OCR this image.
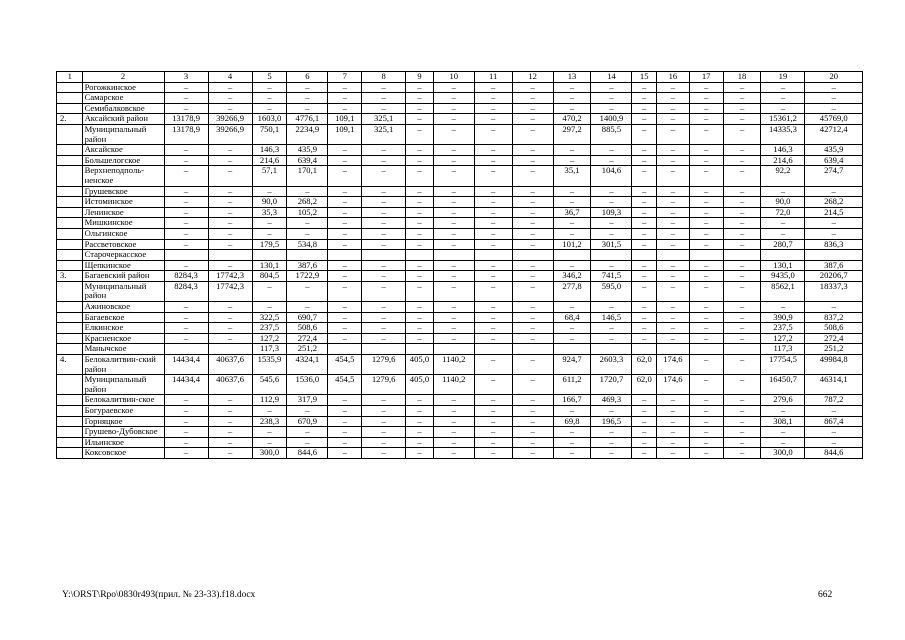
1	2	3	4	5	6	7	8	9	10	11	12	13	14	15	16	17	18	19	20
	Рогожкинское	–	–	–	–	–	–	–	–	–	–	–	–	–	–	–	–	–	–
	Самарское	–	–	–	–	–	–	–	–	–	–	–	–	–	–	–	–	–	–
	Семибалковское	–	–	–	–	–	–	–	–	–	–	–	–	–	–	–	–	–	–
2.	Аксайский район	13178,9	39266,9	1603,0	4776,1	109,1	325,1	–	–	–	–	470,2	1400,9	–	–	–	–	15361,2	45769,0
	Муниципальный район	13178,9	39266,9	750,1	2234,9	109,1	325,1	–	–	–	–	297,2	885,5	–	–	–	–	14335,3	42712,4
	Аксайское	–	–	146,3	435,9	–	–	–	–	–	–	–	–	–	–	–	–	146,3	435,9
	Большелогское	–	–	214,6	639,4	–	–	–	–	–	–	–	–	–	–	–	–	214,6	639,4
	Верхнеподполь-ненское	–	–	57,1	170,1	–	–	–	–	–	–	35,1	104,6	–	–	–	–	92,2	274,7
	Грушевское	–	–	–	–	–	–	–	–	–	–	–	–	–	–	–	–	–	–
	Истоминское	–	–	90,0	268,2	–	–	–	–	–	–	–	–	–	–	–	–	90,0	268,2
	Ленинское	–	–	35,3	105,2	–	–	–	–	–	–	36,7	109,3	–	–	–	–	72,0	214,5
	Мишкинское	–	–	–	–	–	–	–	–	–	–	–	–	–	–	–	–	–	–
	Ольгинское	–	–	–	–	–	–	–	–	–	–	–	–	–	–	–	–	–	–
	Рассветовское	–	–	179,5	534,8	–	–	–	–	–	–	101,2	301,5	–	–	–	–	280,7	836,3
	Старочеркасское																		
	Щепкинское	–	–	130,1	387,6	–	–	–	–	–	–	–	–	–	–	–	–	130,1	387,6
3.	Багаевский район	8284,3	17742,3	804,5	1722,9	–	–	–	–	–	–	346,2	741,5	–	–	–	–	9435,0	20206,7
	Муниципальный район	8284,3	17742,3	–	–	–	–	–	–	–	–	277,8	595,0	–	–	–	–	8562,1	18337,3
	Ажиновское	–	–	–	–	–	–	–	–	–	–	–	–	–	–	–	–	–	–
	Багаевское	–	–	322,5	690,7	–	–	–	–	–	–	68,4	146,5	–	–	–	–	390,9	837,2
	Елкинское	–	–	237,5	508,6	–	–	–	–	–	–	–	–	–	–	–	–	237,5	508,6
	Красненское	–	–	127,2	272,4	–	–	–	–	–	–	–	–	–	–	–	–	127,2	272,4
	Манычское			117,3	251,2													117,3	251,2
4.	Белокалитвин-ский район	14434,4	40637,6	1535,9	4324,1	454,5	1279,6	405,0	1140,2	–	–	924,7	2603,3	62,0	174,6	–	–	17754,5	49984,8
	Муниципальный район	14434,4	40637,6	545,6	1536,0	454,5	1279,6	405,0	1140,2	–	–	611,2	1720,7	62,0	174,6	–	–	16450,7	46314,1
	Белокалитвин-ское	–	–	112,9	317,9	–	–	–	–	–	–	166,7	469,3	–	–	–	–	279,6	787,2
	Богураевское	–	–	–	–	–	–	–	–	–	–	–	–	–	–	–	–	–	–
	Горняцкое	–	–	238,3	670,9	–	–	–	–	–	–	69,8	196,5	–	–	–	–	308,1	867,4
	Грушево-Дубовское	–	–	–	–	–	–	–	–	–	–	–	–	–	–	–	–	–	–
	Ильинское	–	–	–	–	–	–	–	–	–	–	–	–	–	–	–	–	–	–
	Коксовское	–	–	300,0	844,6	–	–	–	–	–	–	–	–	–	–	–	–	300,0	844,6
Y:\ORST\Rpo\0830r493(прил. № 23-33).f18.docx	662
